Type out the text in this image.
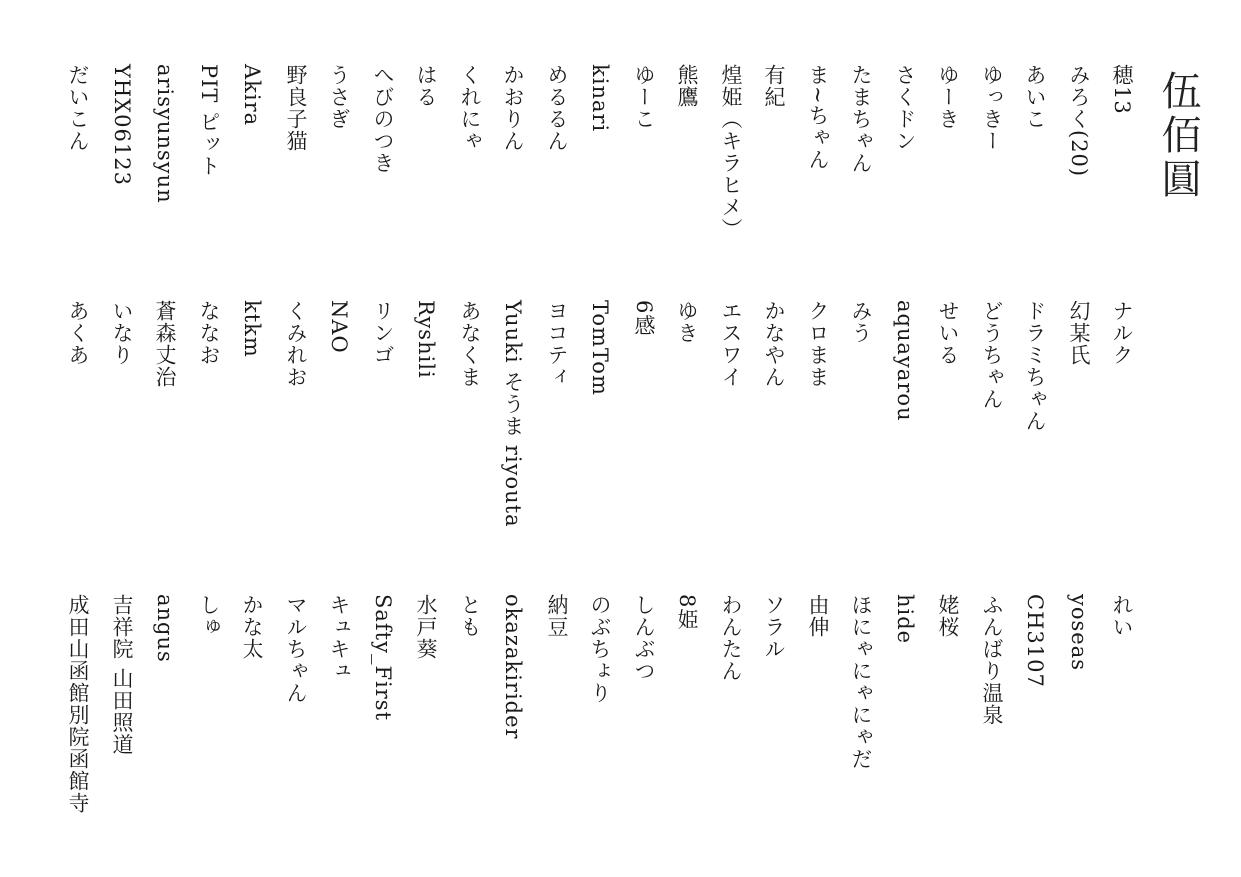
伍佰圓
穂13
ナルク
れい
みろく(20)
幻某氏
yoseas
あいこ
ドラミちゃん
CH3107
ゆっきー
どうちゃん
ふんばり温泉
ゆーき
せいる
姥桜
さくドン
aquayarou
hide
たまちゃん
みう
ほにゃにゃにゃだ
ま~ちゃん
クロまま
由伸
有紀
かなやん
ソラル
煌姫（キラヒメ）
エスワイ
わんたん
熊鷹
ゆき
8姫
ゆーこ
6感
しんぶつ
kinari
TomTom
のぶちょり
めるるん
ヨコティ
納豆
かおりん
Yuuki そうま riyouta
okazakirider
くれにゃ
あなくま
とも
はる
Ryshili
水戸葵
へびのつき
リンゴ
Safty_First
うさぎ
NAO
キュキュ
野良子猫
くみれお
マルちゃん
Akira
ktkm
かな太
PIT ピット
ななお
しゅ
arisyunsyun
蒼森丈治
angus
YHX06123
いなり
吉祥院 山田照道
だいこん
あくあ
成田山函館別院函館寺
